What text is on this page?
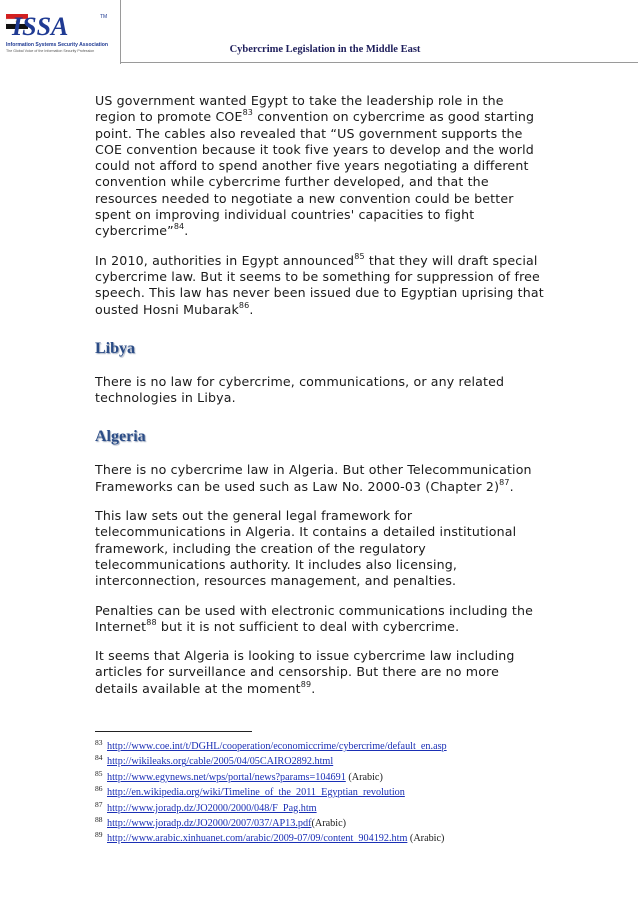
ISSA	TM
Information Systems Security Association
The Global Voice of the Information Security Profession	Cybercrime Legislation in the Middle East

US government wanted Egypt to take the leadership role in the region to promote COE$^{83}$ convention on cybercrime as good starting point. The cables also revealed that “US government supports the COE convention because it took five years to develop and the world could not afford to spend another five years negotiating a different convention while cybercrime further developed, and that the resources needed to negotiate a new convention could be better spent on improving individual countries' capacities to fight cybercrime”$^{84}$.

In 2010, authorities in Egypt announced$^{85}$ that they will draft special cybercrime law. But it seems to be something for suppression of free speech. This law has never been issued due to Egyptian uprising that ousted Hosni Mubarak$^{86}$.

Libya

There is no law for cybercrime, communications, or any related technologies in Libya.

Algeria

There is no cybercrime law in Algeria. But other Telecommunication Frameworks can be used such as Law No. 2000-03 (Chapter 2)$^{87}$.

This law sets out the general legal framework for telecommunications in Algeria. It contains a detailed institutional framework, including the creation of the regulatory telecommunications authority. It includes also licensing, interconnection, resources management, and penalties.

Penalties can be used with electronic communications including the Internet$^{88}$ but it is not sufficient to deal with cybercrime.

It seems that Algeria is looking to issue cybercrime law including articles for surveillance and censorship. But there are no more details available at the moment$^{89}$.

83 http://www.coe.int/t/DGHL/cooperation/economiccrime/cybercrime/default_en.asp
84 http://wikileaks.org/cable/2005/04/05CAIRO2892.html
85 http://www.egynews.net/wps/portal/news?params=104691 (Arabic)
86 http://en.wikipedia.org/wiki/Timeline_of_the_2011_Egyptian_revolution
87 http://www.joradp.dz/JO2000/2000/048/F_Pag.htm
88 http://www.joradp.dz/JO2000/2007/037/AP13.pdf(Arabic)
89 http://www.arabic.xinhuanet.com/arabic/2009-07/09/content_904192.htm (Arabic)
